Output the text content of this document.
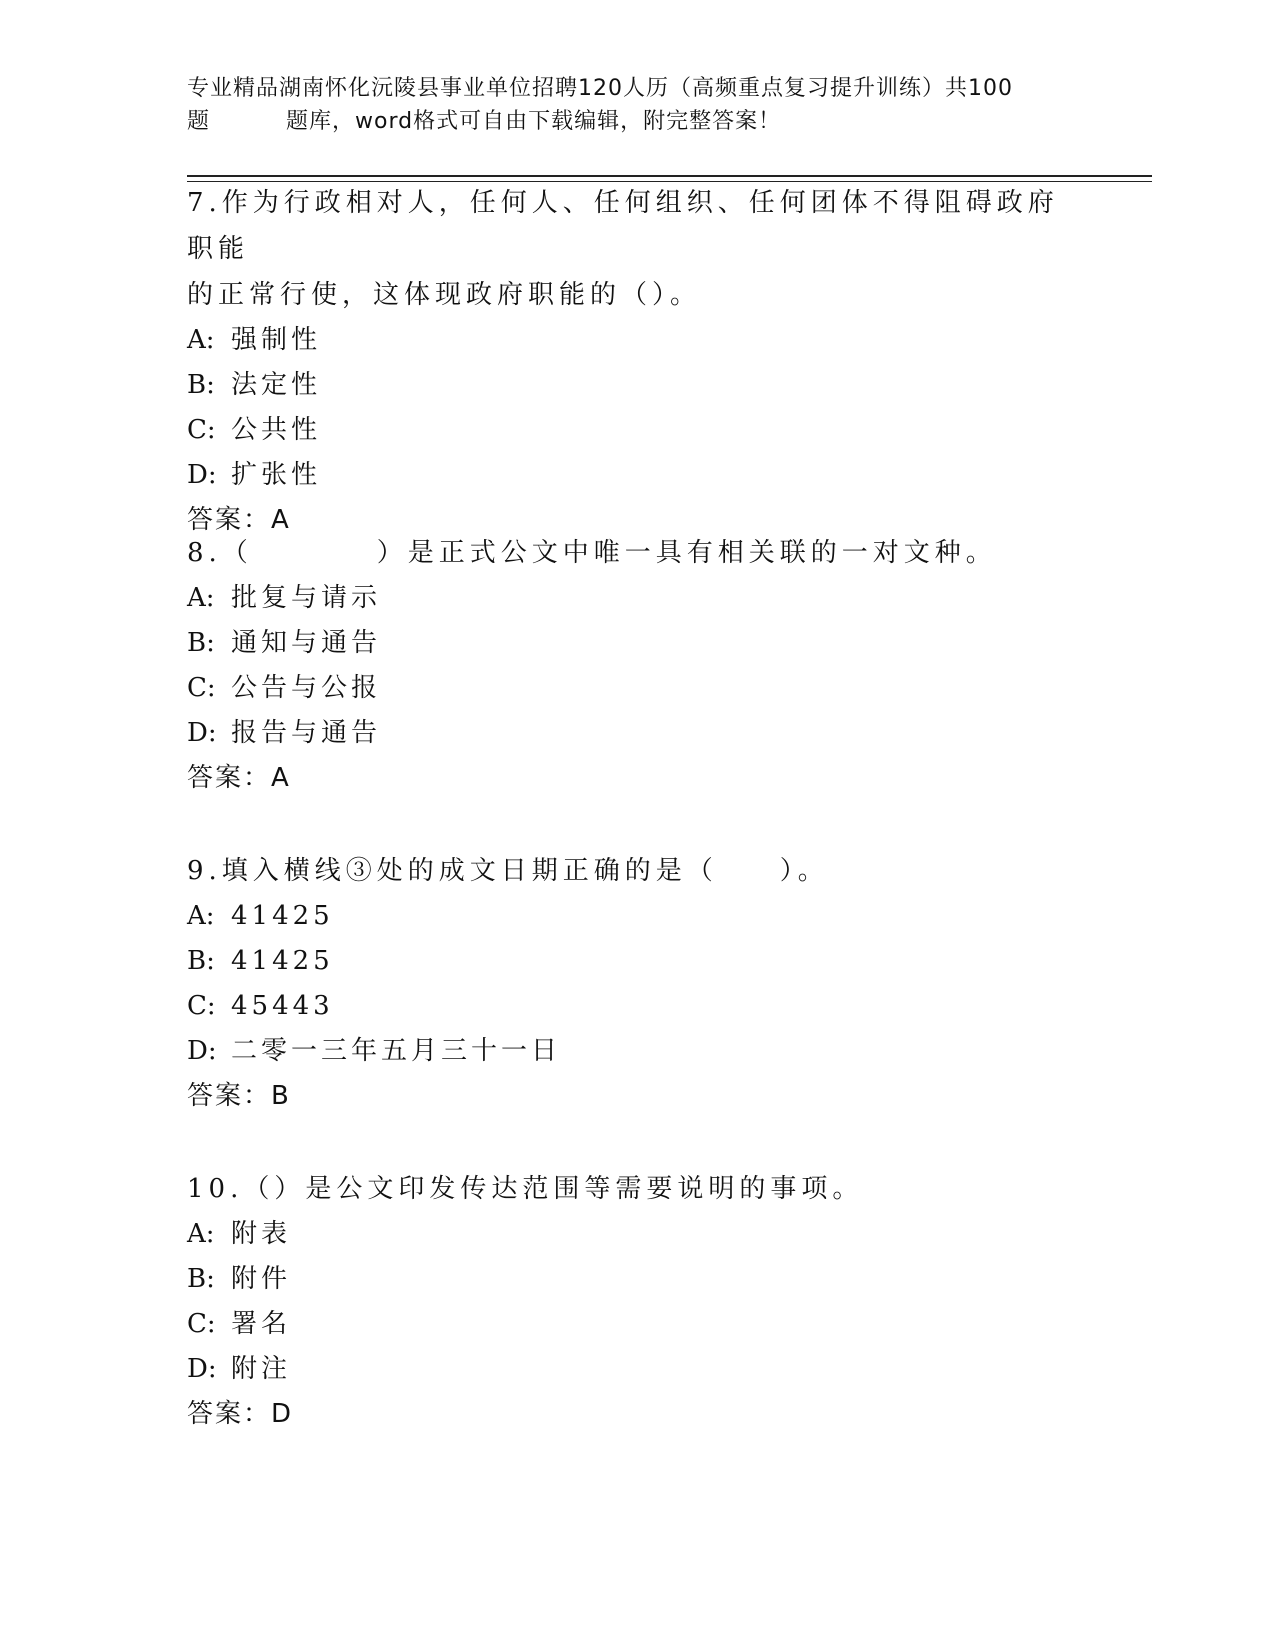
专业精品湖南怀化沅陵县事业单位招聘120人历（高频重点复习提升训练）共100
题	题库，word格式可自由下载编辑，附完整答案！

7.作为行政相对人，任何人、任何组织、任何团体不得阻碍政府职能

的正常行使，这体现政府职能的（）。

A: 强制性

B: 法定性

C: 公共性

D: 扩张性

答案：A

8.（　　　　）是正式公文中唯一具有相关联的一对文种。

A: 批复与请示

B: 通知与通告

C: 公告与公报

D: 报告与通告

答案：A

9.填入横线③处的成文日期正确的是（　　）。

A: 41425

B: 41425

C: 45443

D: 二零一三年五月三十一日

答案：B

10.（）是公文印发传达范围等需要说明的事项。

A: 附表

B: 附件

C: 署名

D: 附注

答案：D
